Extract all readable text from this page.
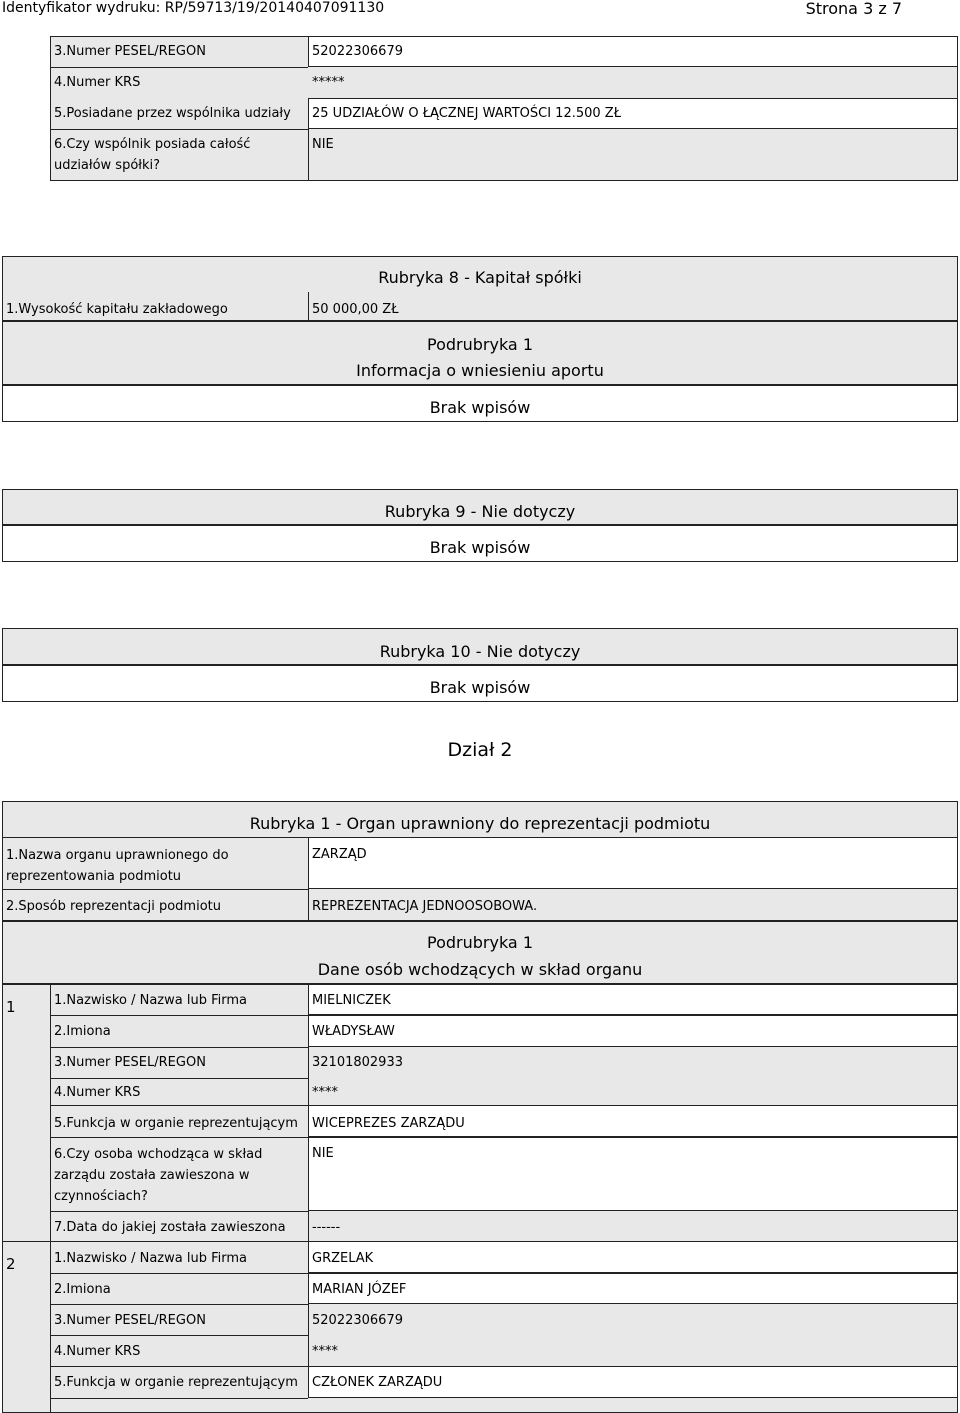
Identyfikator wydruku: RP/59713/19/20140407091130	Strona 3 z 7
3.Numer PESEL/REGON	52022306679
4.Numer KRS	*****
5.Posiadane przez wspólnika udziały 25 UDZIAŁÓW O ŁĄCZNEJ WARTOŚCI 12.500 ZŁ
6.Czy wspólnik posiada całość
udziałów spółki?
NIE
Rubryka 8 - Kapitał spółki
1.Wysokość kapitału zakładowego	50 000,00 ZŁ
Podrubryka 1
Informacja o wniesieniu aportu
Brak wpisów
Rubryka 9 - Nie dotyczy
Brak wpisów
Rubryka 10 - Nie dotyczy
Brak wpisów
Dział 2
Rubryka 1 - Organ uprawniony do reprezentacji podmiotu
1.Nazwa organu uprawnionego do
reprezentowania podmiotu
ZARZĄD
2.Sposób reprezentacji podmiotu	REPREZENTACJA JEDNOOSOBOWA.
Podrubryka 1
Dane osób wchodzących w skład organu
1	1.Nazwisko / Nazwa lub Firma	MIELNICZEK
2.Imiona	WŁADYSŁAW
3.Numer PESEL/REGON	32101802933
4.Numer KRS	****
5.Funkcja w organie reprezentującym WICEPREZES ZARZĄDU
6.Czy osoba wchodząca w skład
zarządu została zawieszona w
czynnościach?
NIE
7.Data do jakiej została zawieszona ------
2	1.Nazwisko / Nazwa lub Firma	GRZELAK
2.Imiona	MARIAN JÓZEF
3.Numer PESEL/REGON	52022306679
4.Numer KRS	****
5.Funkcja w organie reprezentującym CZŁONEK ZARZĄDU
